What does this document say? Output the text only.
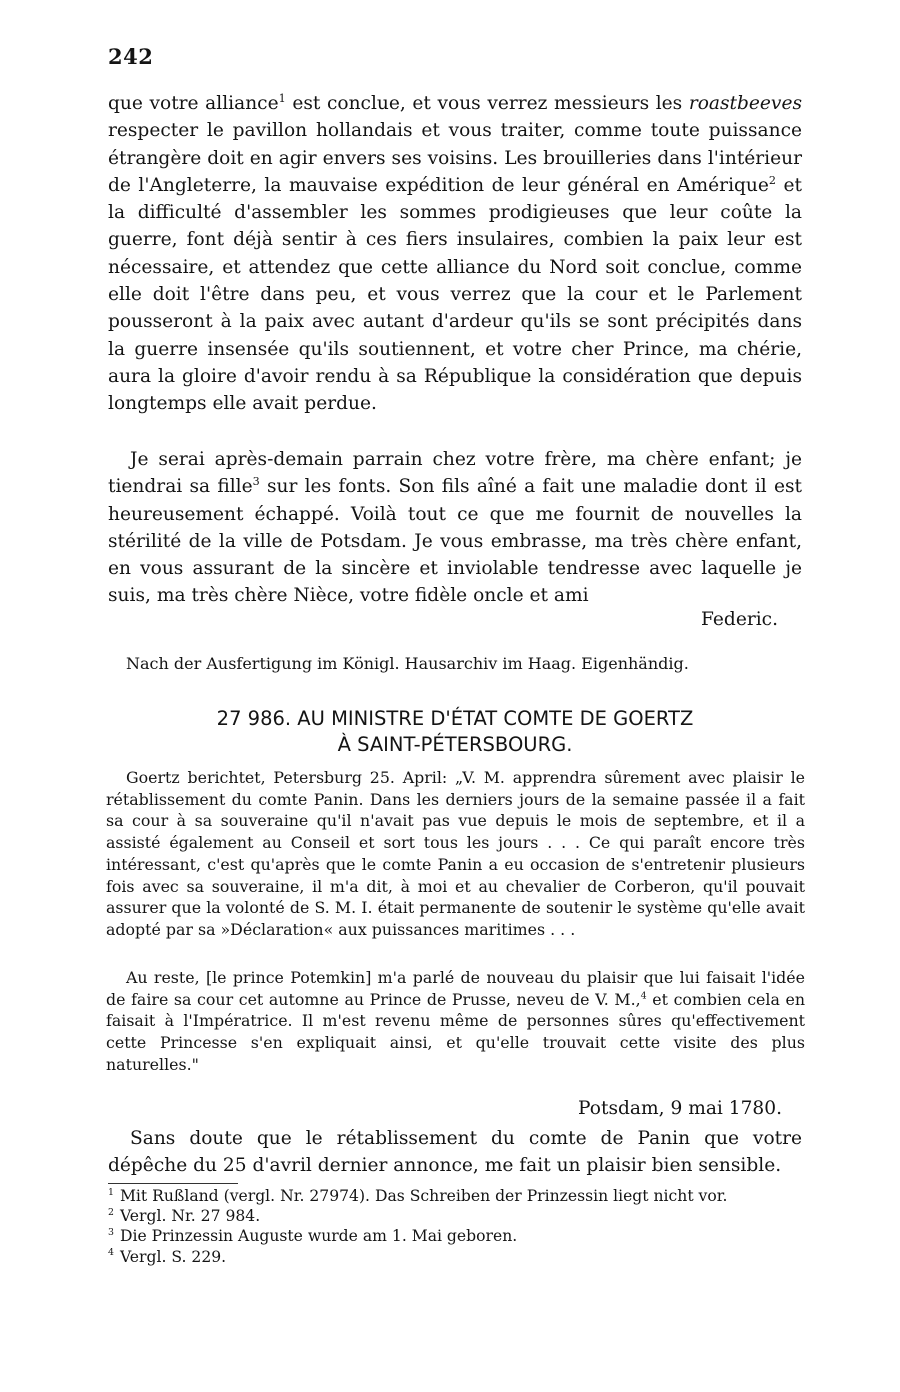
242
que votre alliance$^1$ est conclue, et vous verrez messieurs les roastbeeves respecter le pavillon hollandais et vous traiter, comme toute puissance étrangère doit en agir envers ses voisins. Les brouilleries dans l'intérieur de l'Angleterre, la mauvaise expédition de leur général en Amérique$^2$ et la difficulté d'assembler les sommes prodigieuses que leur coûte la guerre, font déjà sentir à ces fiers insulaires, combien la paix leur est nécessaire, et attendez que cette alliance du Nord soit conclue, comme elle doit l'être dans peu, et vous verrez que la cour et le Parlement pousseront à la paix avec autant d'ardeur qu'ils se sont précipités dans la guerre insensée qu'ils soutiennent, et votre cher Prince, ma chérie, aura la gloire d'avoir rendu à sa République la considération que depuis longtemps elle avait perdue.
Je serai après-demain parrain chez votre frère, ma chère enfant; je tiendrai sa fille$^3$ sur les fonts. Son fils aîné a fait une maladie dont il est heureusement échappé. Voilà tout ce que me fournit de nouvelles la stérilité de la ville de Potsdam. Je vous embrasse, ma très chère enfant, en vous assurant de la sincère et inviolable tendresse avec laquelle je suis, ma très chère Nièce, votre fidèle oncle et ami
Federic.
Nach der Ausfertigung im Königl. Hausarchiv im Haag. Eigenhändig.
27 986. AU MINISTRE D'ÉTAT COMTE DE GOERTZ
À SAINT-PÉTERSBOURG.
Goertz berichtet, Petersburg 25. April: „V. M. apprendra sûrement avec plaisir le rétablissement du comte Panin. Dans les derniers jours de la semaine passée il a fait sa cour à sa souveraine qu'il n'avait pas vue depuis le mois de septembre, et il a assisté également au Conseil et sort tous les jours . . . Ce qui paraît encore très intéressant, c'est qu'après que le comte Panin a eu occasion de s'entretenir plusieurs fois avec sa souveraine, il m'a dit, à moi et au chevalier de Corberon, qu'il pouvait assurer que la volonté de S. M. I. était permanente de soutenir le système qu'elle avait adopté par sa »Déclaration« aux puissances maritimes . . .
Au reste, [le prince Potemkin] m'a parlé de nouveau du plaisir que lui faisait l'idée de faire sa cour cet automne au Prince de Prusse, neveu de V. M.,$^4$ et combien cela en faisait à l'Impératrice. Il m'est revenu même de personnes sûres qu'effectivement cette Princesse s'en expliquait ainsi, et qu'elle trouvait cette visite des plus naturelles."
Potsdam, 9 mai 1780.
Sans doute que le rétablissement du comte de Panin que votre dépêche du 25 d'avril dernier annonce, me fait un plaisir bien sensible.
$^1$ Mit Rußland (vergl. Nr. 27974). Das Schreiben der Prinzessin liegt nicht vor.
$^2$ Vergl. Nr. 27 984.
$^3$ Die Prinzessin Auguste wurde am 1. Mai geboren.
$^4$ Vergl. S. 229.
